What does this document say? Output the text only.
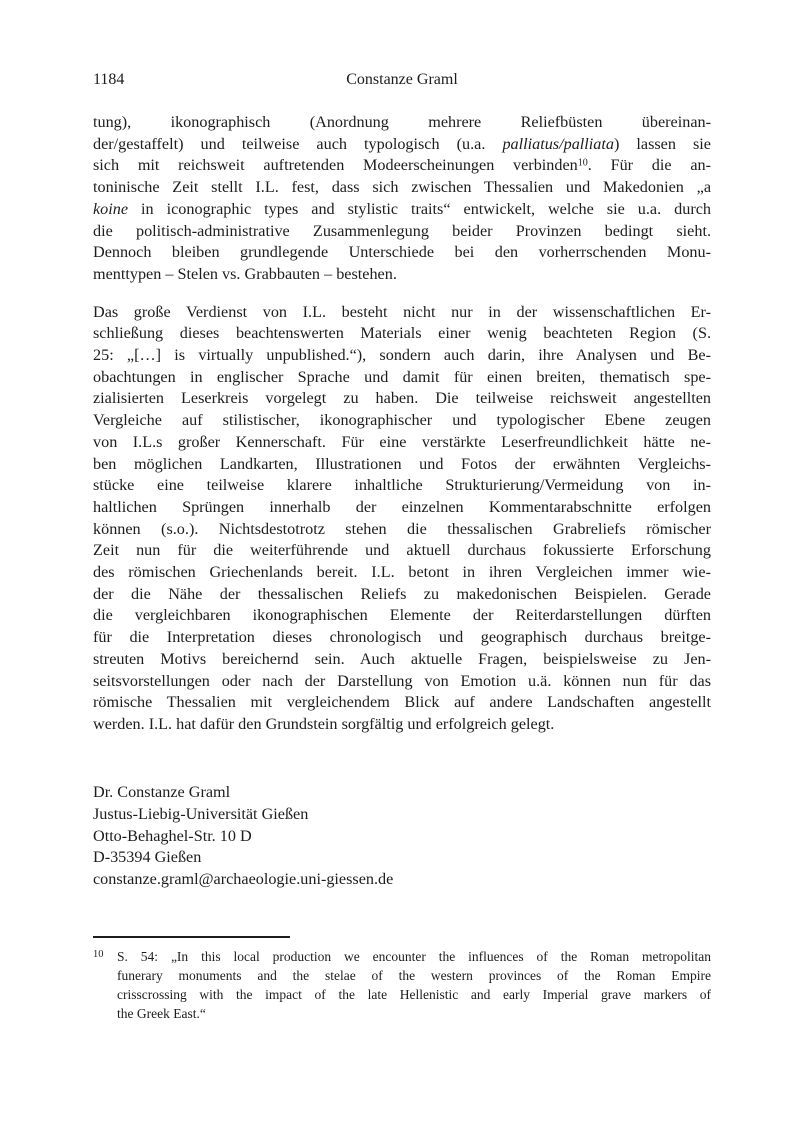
1184	Constanze Graml
tung), ikonographisch (Anordnung mehrere Reliefbüsten übereinan-
der/gestaffelt) und teilweise auch typologisch (u.a. palliatus/palliata) lassen sie
sich mit reichsweit auftretenden Modeerscheinungen verbinden$^{10}$. Für die an-
toninische Zeit stellt I.L. fest, dass sich zwischen Thessalien und Makedonien „a
koine in iconographic types and stylistic traits“ entwickelt, welche sie u.a. durch
die politisch-administrative Zusammenlegung beider Provinzen bedingt sieht.
Dennoch bleiben grundlegende Unterschiede bei den vorherrschenden Monu-
menttypen – Stelen vs. Grabbauten – bestehen.
Das große Verdienst von I.L. besteht nicht nur in der wissenschaftlichen Er-
schließung dieses beachtenswerten Materials einer wenig beachteten Region (S.
25: „[…] is virtually unpublished.“), sondern auch darin, ihre Analysen und Be-
obachtungen in englischer Sprache und damit für einen breiten, thematisch spe-
zialisierten Leserkreis vorgelegt zu haben. Die teilweise reichsweit angestellten
Vergleiche auf stilistischer, ikonographischer und typologischer Ebene zeugen
von I.L.s großer Kennerschaft. Für eine verstärkte Leserfreundlichkeit hätte ne-
ben möglichen Landkarten, Illustrationen und Fotos der erwähnten Vergleichs-
stücke eine teilweise klarere inhaltliche Strukturierung/Vermeidung von in-
haltlichen Sprüngen innerhalb der einzelnen Kommentarabschnitte erfolgen
können (s.o.). Nichtsdestotrotz stehen die thessalischen Grabreliefs römischer
Zeit nun für die weiterführende und aktuell durchaus fokussierte Erforschung
des römischen Griechenlands bereit. I.L. betont in ihren Vergleichen immer wie-
der die Nähe der thessalischen Reliefs zu makedonischen Beispielen. Gerade
die vergleichbaren ikonographischen Elemente der Reiterdarstellungen dürften
für die Interpretation dieses chronologisch und geographisch durchaus breitge-
streuten Motivs bereichernd sein. Auch aktuelle Fragen, beispielsweise zu Jen-
seitsvorstellungen oder nach der Darstellung von Emotion u.ä. können nun für das
römische Thessalien mit vergleichendem Blick auf andere Landschaften angestellt
werden. I.L. hat dafür den Grundstein sorgfältig und erfolgreich gelegt.
Dr. Constanze Graml
Justus-Liebig-Universität Gießen
Otto-Behaghel-Str. 10 D
D-35394 Gießen
constanze.graml@archaeologie.uni-giessen.de
10 S. 54: „In this local production we encounter the influences of the Roman metropolitan
funerary monuments and the stelae of the western provinces of the Roman Empire
crisscrossing with the impact of the late Hellenistic and early Imperial grave markers of
the Greek East.“
